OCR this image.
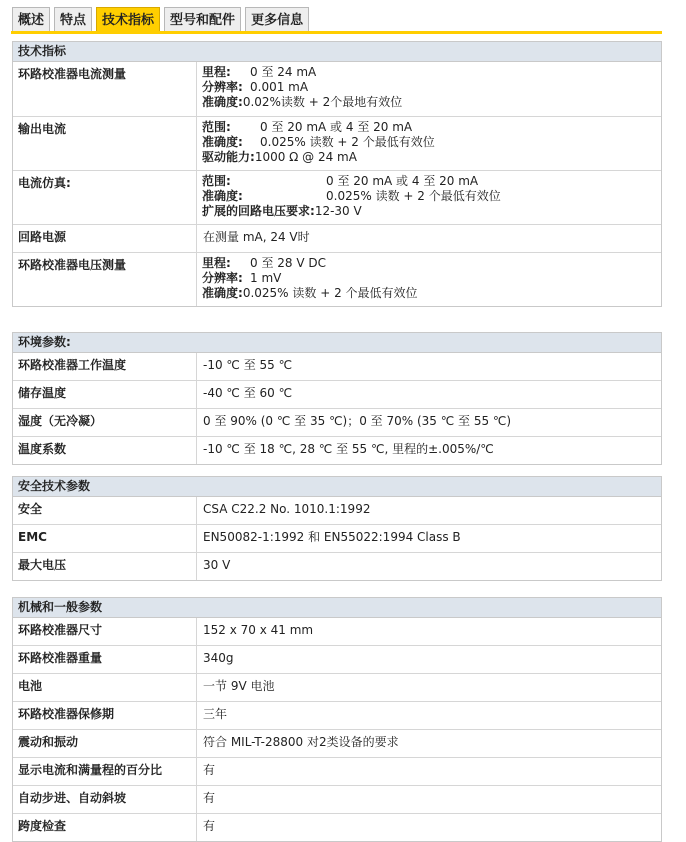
概述	特点	技术指标	型号和配件	更多信息
技术指标
环路校准器电流测量	里程: 0 至 24 mA
分辨率: 0.001 mA
准确度:0.02%读数 + 2个最地有效位

输出电流	范围: 0 至 20 mA 或 4 至 20 mA
准确度: 0.025% 读数 + 2 个最低有效位
驱动能力:1000 Ω @ 24 mA

电流仿真:	范围: 0 至 20 mA 或 4 至 20 mA
准确度: 0.025% 读数 + 2 个最低有效位
扩展的回路电压要求:12-30 V

回路电源	在测量 mA, 24 V时
环路校准器电压测量	里程: 0 至 28 V DC
分辨率: 1 mV
准确度:0.025% 读数 + 2 个最低有效位
环境参数:
环路校准器工作温度	-10 ℃ 至 55 ℃
储存温度	-40 ℃ 至 60 ℃
湿度（无冷凝）	0 至 90% (0 ℃ 至 35 ℃)；0 至 70% (35 ℃ 至 55 ℃)
温度系数	-10 ℃ 至 18 ℃, 28 ℃ 至 55 ℃, 里程的±.005%/℃
安全技术参数
安全	CSA C22.2 No. 1010.1:1992
EMC	EN50082-1:1992 和 EN55022:1994 Class B
最大电压	30 V
机械和一般参数
环路校准器尺寸	152 x 70 x 41 mm
环路校准器重量	340g
电池	一节 9V 电池
环路校准器保修期	三年
震动和振动	符合 MIL-T-28800 对2类设备的要求
显示电流和满量程的百分比	有
自动步进、自动斜坡	有
跨度检查	有
